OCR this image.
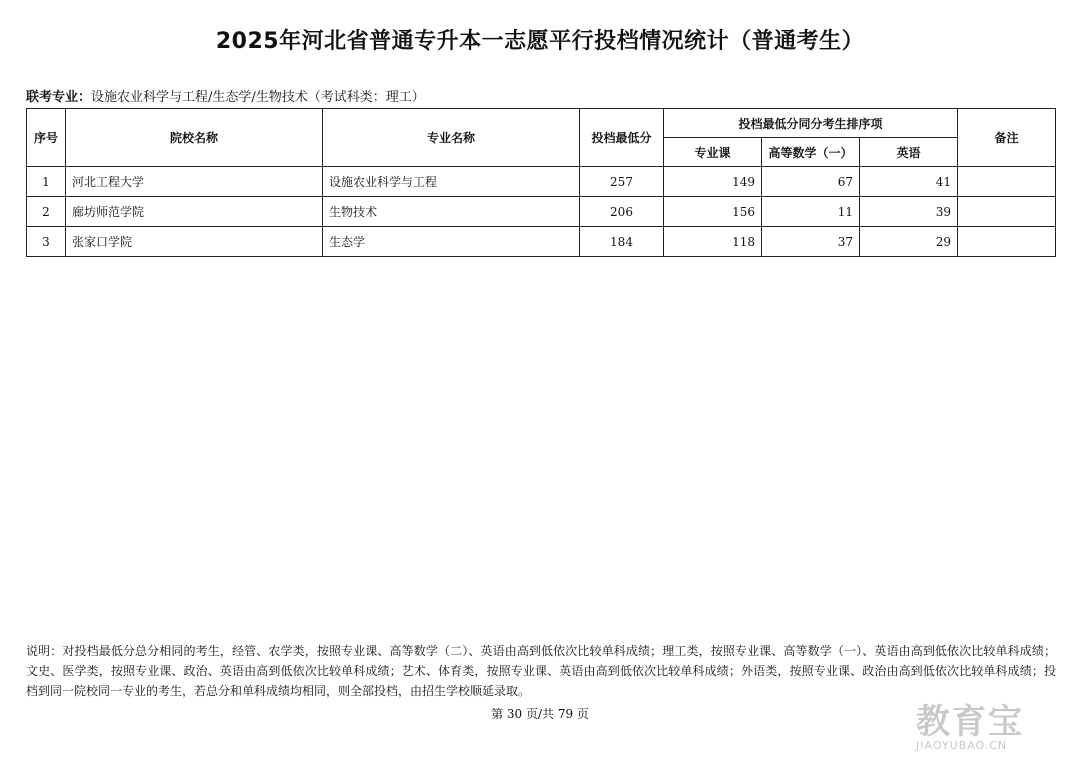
2025年河北省普通专升本一志愿平行投档情况统计（普通考生）
联考专业：设施农业科学与工程/生态学/生物技术（考试科类：理工）
序号	院校名称	专业名称	投档最低分	投档最低分同分考生排序项			备注
				专业课	高等数学（一）	英语	
1	河北工程大学	设施农业科学与工程	257	149	67	41	
2	廊坊师范学院	生物技术	206	156	11	39	
3	张家口学院	生态学	184	118	37	29	
说明：对投档最低分总分相同的考生，经管、农学类，按照专业课、高等数学（二）、英语由高到低依次比较单科成绩；理工类，按照专业课、高等数学（一）、英语由高到低依次比较单科成绩；文史、医学类，按照专业课、政治、英语由高到低依次比较单科成绩；艺术、体育类，按照专业课、英语由高到低依次比较单科成绩；外语类，按照专业课、政治由高到低依次比较单科成绩；投档到同一院校同一专业的考生，若总分和单科成绩均相同，则全部投档，由招生学校顺延录取。
第 30 页/共 79 页	教育宝
JIAOYUBAO.CN
